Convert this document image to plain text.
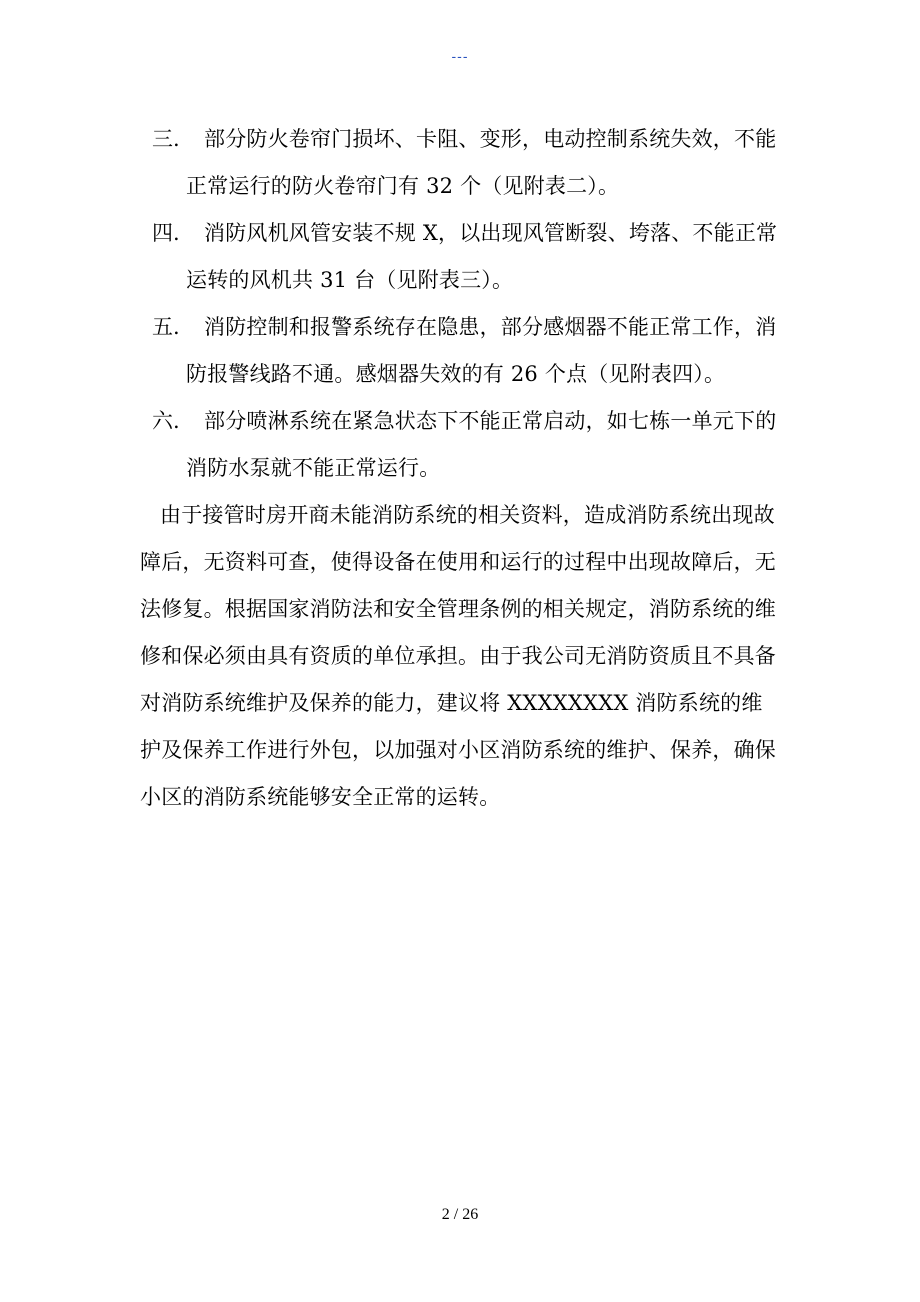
---
三.	部分防火卷帘门损坏、卡阻、变形，电动控制系统失效，不能
正常运行的防火卷帘门有 32 个（见附表二）。
四.	消防风机风管安装不规 X，以出现风管断裂、垮落、不能正常
运转的风机共 31 台（见附表三）。
五.	消防控制和报警系统存在隐患，部分感烟器不能正常工作，消
防报警线路不通。感烟器失效的有 26 个点（见附表四）。
六.	部分喷淋系统在紧急状态下不能正常启动，如七栋一单元下的
消防水泵就不能正常运行。
由于接管时房开商未能消防系统的相关资料，造成消防系统出现故
障后，无资料可查，使得设备在使用和运行的过程中出现故障后，无
法修复。根据国家消防法和安全管理条例的相关规定，消防系统的维
修和保必须由具有资质的单位承担。由于我公司无消防资质且不具备
对消防系统维护及保养的能力，建议将 XXXXXXXX 消防系统的维
护及保养工作进行外包，以加强对小区消防系统的维护、保养，确保
小区的消防系统能够安全正常的运转。
2 / 26
